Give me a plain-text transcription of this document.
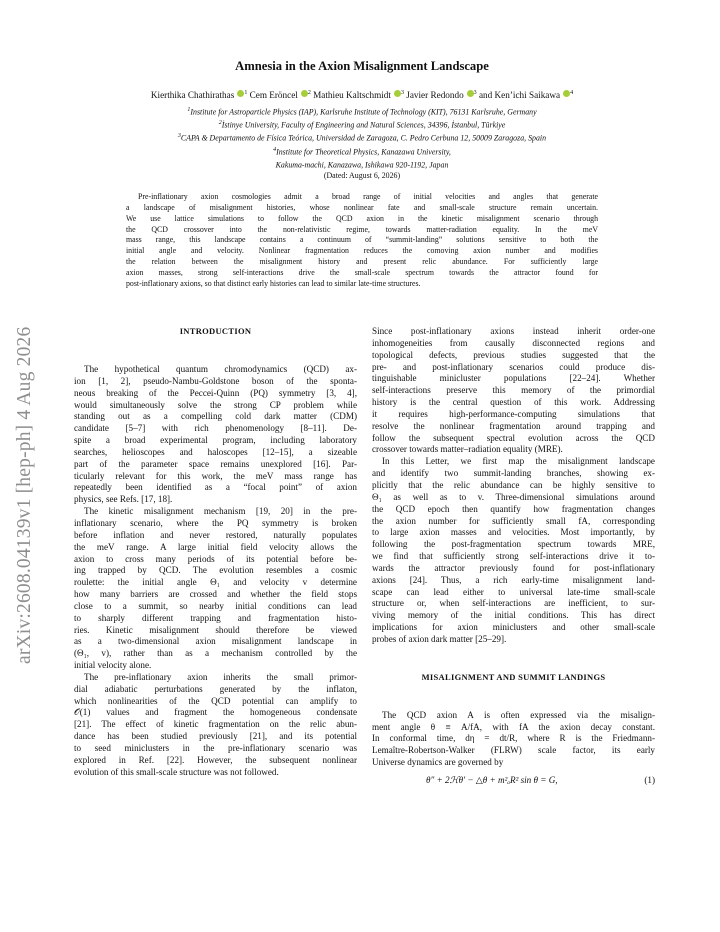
arXiv:2608.04139v1 [hep-ph] 4 Aug 2026
Amnesia in the Axion Misalignment Landscape
Kierthika Chathirathas $^1$ Cem Eröncel $^2$ Mathieu Kaltschmidt $^3$ Javier Redondo $^3$ and Ken’ichi Saikawa $^4$
$^1$Institute for Astroparticle Physics (IAP), Karlsruhe Institute of Technology (KIT), 76131 Karlsruhe, Germany
$^2$İstinye University, Faculty of Engineering and Natural Sciences, 34396, İstanbul, Türkiye
$^3$CAPA & Departamento de Física Teórica, Universidad de Zaragoza, C. Pedro Cerbuna 12, 50009 Zaragoza, Spain
$^4$Institute for Theoretical Physics, Kanazawa University,
Kakuma-machi, Kanazawa, Ishikawa 920-1192, Japan
(Dated: August 6, 2026)
Pre-inflationary axion cosmologies admit a broad range of initial velocities and angles that generate
a landscape of misalignment histories, whose nonlinear fate and small-scale structure remain uncertain.
We use lattice simulations to follow the QCD axion in the kinetic misalignment scenario through
the QCD crossover into the non-relativistic regime, towards matter-radiation equality. In the meV
mass range, this landscape contains a continuum of “summit-landing” solutions sensitive to both the
initial angle and velocity. Nonlinear fragmentation reduces the comoving axion number and modifies
the relation between the misalignment history and present relic abundance. For sufficiently large
axion masses, strong self-interactions drive the small-scale spectrum towards the attractor found for
post-inflationary axions, so that distinct early histories can lead to similar late-time structures.
INTRODUCTION
The hypothetical quantum chromodynamics (QCD) ax-
ion [1, 2], pseudo-Nambu-Goldstone boson of the sponta-
neous breaking of the Peccei-Quinn (PQ) symmetry [3, 4],
would simultaneously solve the strong CP problem while
standing out as a compelling cold dark matter (CDM)
candidate [5–7] with rich phenomenology [8–11]. De-
spite a broad experimental program, including laboratory
searches, helioscopes and haloscopes [12–15], a sizeable
part of the parameter space remains unexplored [16]. Par-
ticularly relevant for this work, the meV mass range has
repeatedly been identified as a “focal point” of axion
physics, see Refs. [17, 18].
The kinetic misalignment mechanism [19, 20] in the pre-
inflationary scenario, where the PQ symmetry is broken
before inflation and never restored, naturally populates
the meV range. A large initial field velocity allows the
axion to cross many periods of its potential before be-
ing trapped by QCD. The evolution resembles a cosmic
roulette: the initial angle Θ₁ and velocity v determine
how many barriers are crossed and whether the field stops
close to a summit, so nearby initial conditions can lead
to sharply different trapping and fragmentation histo-
ries. Kinetic misalignment should therefore be viewed
as a two-dimensional axion misalignment landscape in
(Θ₁, v), rather than as a mechanism controlled by the
initial velocity alone.
The pre-inflationary axion inherits the small primor-
dial adiabatic perturbations generated by the inflaton,
which nonlinearities of the QCD potential can amplify to
𝒪(1) values and fragment the homogeneous condensate
[21]. The effect of kinetic fragmentation on the relic abun-
dance has been studied previously [21], and its potential
to seed miniclusters in the pre-inflationary scenario was
explored in Ref. [22]. However, the subsequent nonlinear
evolution of this small-scale structure was not followed.
Since post-inflationary axions instead inherit order-one
inhomogeneities from causally disconnected regions and
topological defects, previous studies suggested that the
pre- and post-inflationary scenarios could produce dis-
tinguishable minicluster populations [22–24]. Whether
self-interactions preserve this memory of the primordial
history is the central question of this work. Addressing
it requires high-performance-computing simulations that
resolve the nonlinear fragmentation around trapping and
follow the subsequent spectral evolution across the QCD
crossover towards matter–radiation equality (MRE).
In this Letter, we first map the misalignment landscape
and identify two summit-landing branches, showing ex-
plicitly that the relic abundance can be highly sensitive to
Θ₁ as well as to v. Three-dimensional simulations around
the QCD epoch then quantify how fragmentation changes
the axion number for sufficiently small fA, corresponding
to large axion masses and velocities. Most importantly, by
following the post-fragmentation spectrum towards MRE,
we find that sufficiently strong self-interactions drive it to-
wards the attractor previously found for post-inflationary
axions [24]. Thus, a rich early-time misalignment land-
scape can lead either to universal late-time small-scale
structure or, when self-interactions are inefficient, to sur-
viving memory of the initial conditions. This has direct
implications for axion miniclusters and other small-scale
probes of axion dark matter [25–29].
MISALIGNMENT AND SUMMIT LANDINGS
The QCD axion A is often expressed via the misalign-
ment angle θ ≡ A/fA, with fA the axion decay constant.
In conformal time, dη = dt/R, where R is the Friedmann-
Lemaître-Robertson-Walker (FLRW) scale factor, its early
Universe dynamics are governed by
θ″ + 2ℋθ′ − △θ + m²ₐR² sin θ = G,	(1)
